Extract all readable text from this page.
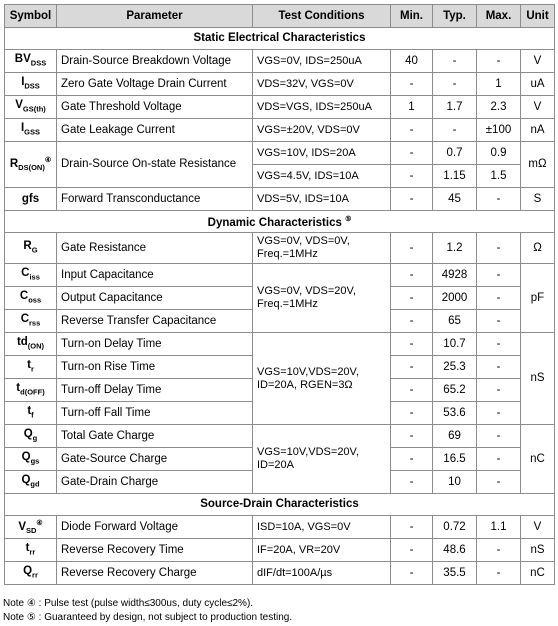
Symbol	Parameter	Test Conditions	Min.	Typ.	Max.	Unit
Static Electrical Characteristics						
$BV_{DSS}$	Drain-Source Breakdown Voltage	VGS=0V, IDS=250uA	40	-	-	V
$I_{DSS}$	Zero Gate Voltage Drain Current	VDS=32V, VGS=0V	-	-	1	uA
$V_{GS(th)}$	Gate Threshold Voltage	VDS=VGS, IDS=250uA	1	1.7	2.3	V
$I_{GSS}$	Gate Leakage Current	VGS=±20V, VDS=0V	-	-	±100	nA
$R_{DS(ON)}^④$	Drain-Source On-state Resistance	VGS=10V, IDS=20A	-	0.7	0.9	mΩ
		VGS=4.5V, IDS=10A	-	1.15	1.5	
gfs	Forward Transconductance	VDS=5V, IDS=10A	-	45	-	S
Dynamic Characteristics ⑤
$R_G$	Gate Resistance	VGS=0V, VDS=0V, Freq.=1MHz	-	1.2	-	Ω
$C_{iss}$	Input Capacitance	VGS=0V, VDS=20V, Freq.=1MHz	-	4928	-	pF
$C_{oss}$	Output Capacitance		-	2000	-	
$C_{rss}$	Reverse Transfer Capacitance		-	65	-	
$td_{(ON)}$	Turn-on Delay Time	VGS=10V,VDS=20V, ID=20A, RGEN=3Ω	-	10.7	-	nS
$t_r$	Turn-on Rise Time		-	25.3	-	
$t_{d(OFF)}$	Turn-off Delay Time		-	65.2	-	
$t_f$	Turn-off Fall Time		-	53.6	-	
$Q_g$	Total Gate Charge	VGS=10V,VDS=20V, ID=20A	-	69	-	nC
$Q_{gs}$	Gate-Source Charge		-	16.5	-	
$Q_{gd}$	Gate-Drain Charge		-	10	-	
Source-Drain Characteristics						
$V_{SD}^④$	Diode Forward Voltage	ISD=10A, VGS=0V	-	0.72	1.1	V
$t_{rr}$	Reverse Recovery Time	IF=20A, VR=20V	-	48.6	-	nS
$Q_{rr}$	Reverse Recovery Charge	dIF/dt=100A/µs	-	35.5	-	nC
Note ④ : Pulse test (pulse width≤300us, duty cycle≤2%).
Note ⑤ : Guaranteed by design, not subject to production testing.
